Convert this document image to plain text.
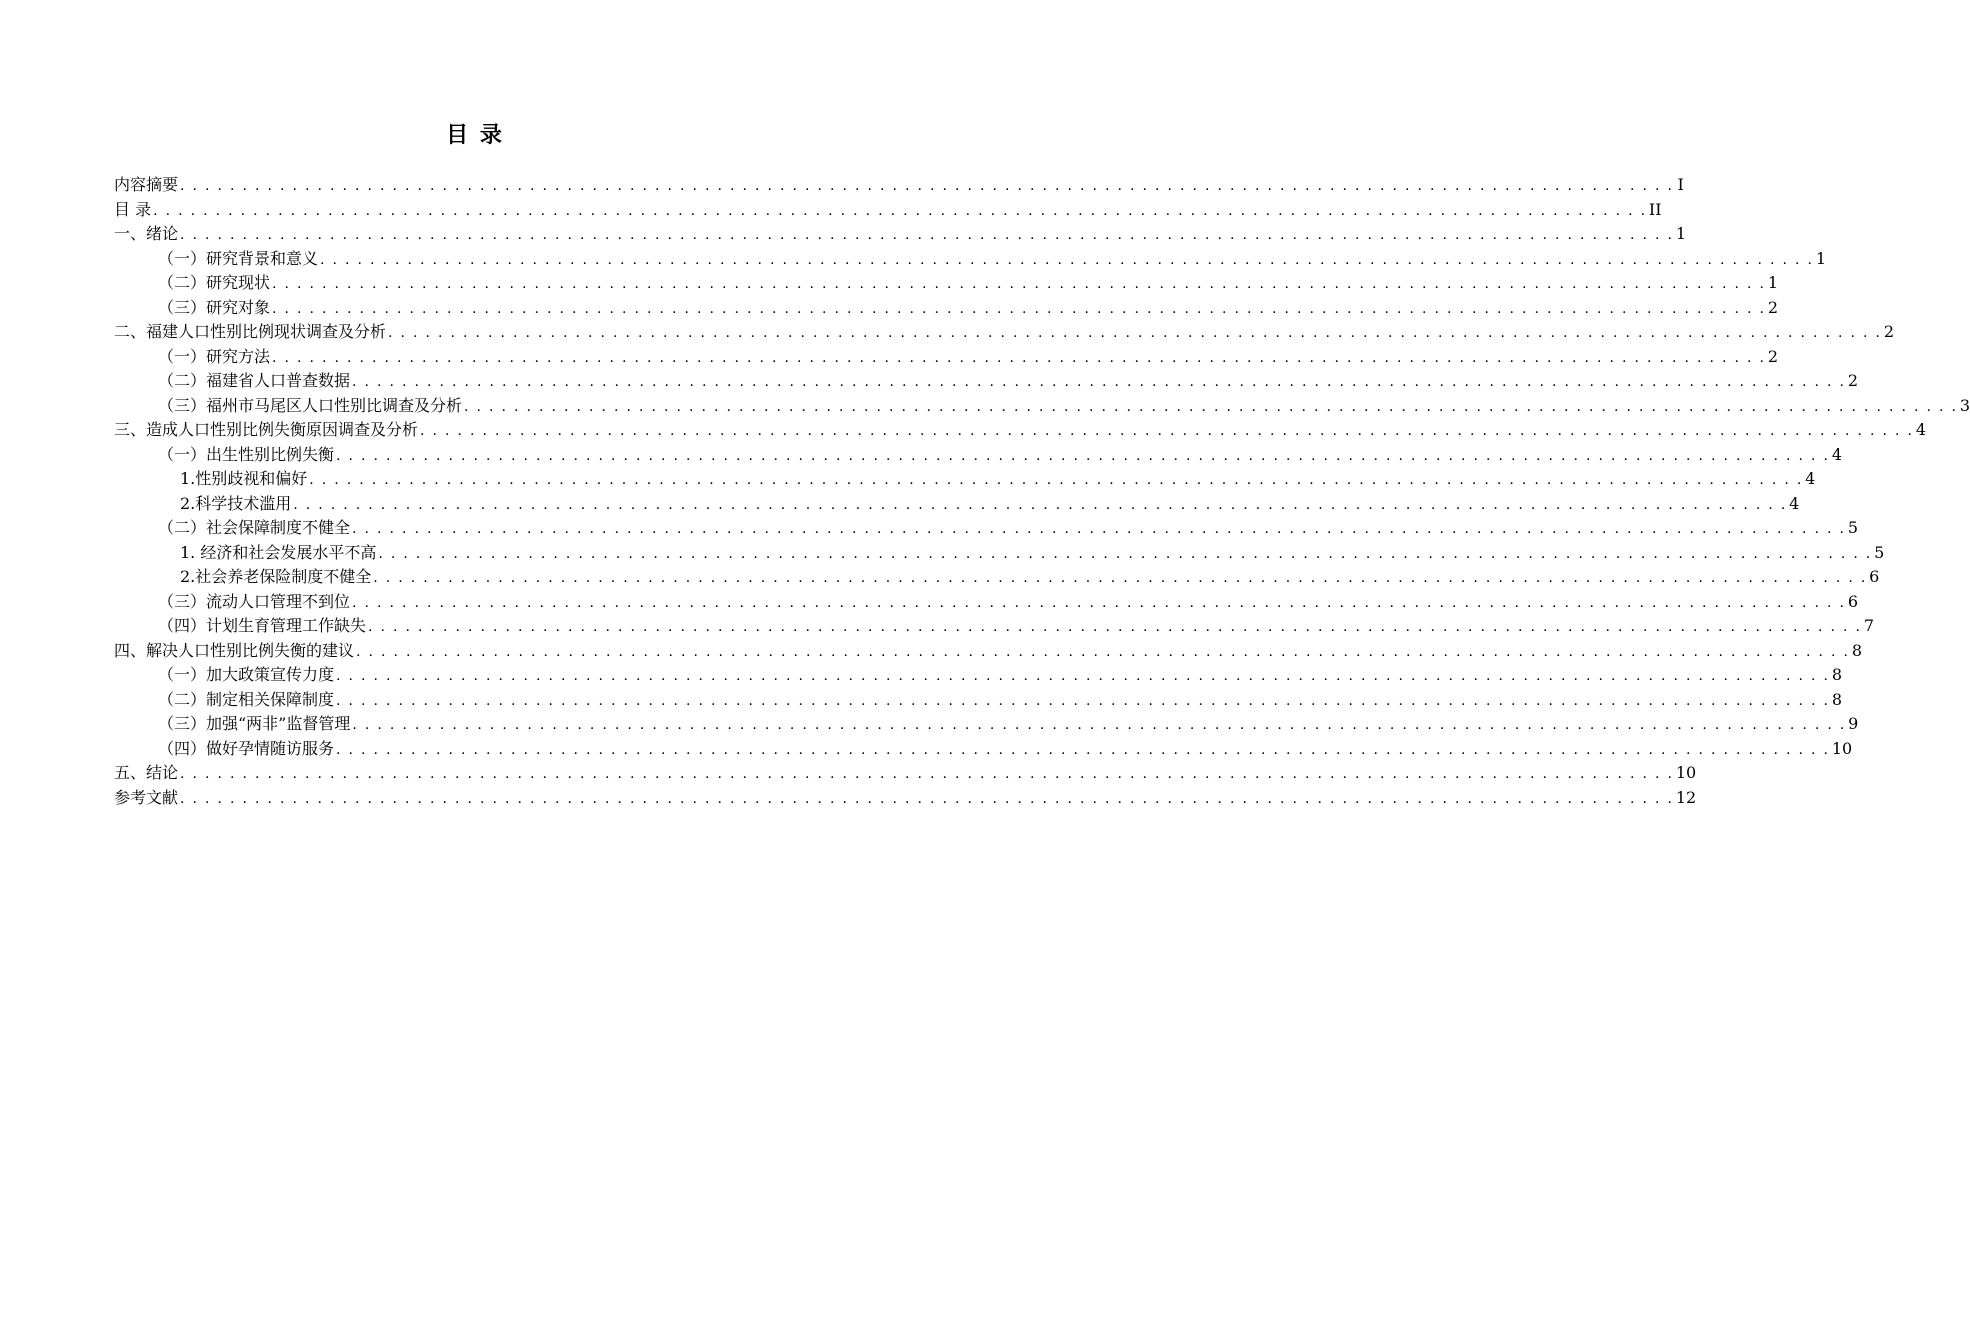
目 录
内容摘要 . . . . . . . . . . . . . . . . . . . . . . . . . . . . . . . . . . . . . . . . . . . . . . . . . . . . . . . . . . . . . . . . . . . . . . . . . . . . . . . . . . . . . . . . . . . . . . . . . . . . . . . . . . . . . . . . . . . . . . . . I
目 录 . . . . . . . . . . . . . . . . . . . . . . . . . . . . . . . . . . . . . . . . . . . . . . . . . . . . . . . . . . . . . . . . . . . . . . . . . . . . . . . . . . . . . . . . . . . . . . . . . . . . . . . . . . . . . . . . . . . . . . . . II
一、绪论 . . . . . . . . . . . . . . . . . . . . . . . . . . . . . . . . . . . . . . . . . . . . . . . . . . . . . . . . . . . . . . . . . . . . . . . . . . . . . . . . . . . . . . . . . . . . . . . . . . . . . . . . . . . . . . . . . . . . . . . . 1
（一）研究背景和意义 . . . . . . . . . . . . . . . . . . . . . . . . . . . . . . . . . . . . . . . . . . . . . . . . . . . . . . . . . . . . . . . . . . . . . . . . . . . . . . . . . . . . . . . . . . . . . . . . . . . . . . . . . . . . . . . . . . . . . . . . 1
（二）研究现状 . . . . . . . . . . . . . . . . . . . . . . . . . . . . . . . . . . . . . . . . . . . . . . . . . . . . . . . . . . . . . . . . . . . . . . . . . . . . . . . . . . . . . . . . . . . . . . . . . . . . . . . . . . . . . . . . . . . . . . . . 1
（三）研究对象 . . . . . . . . . . . . . . . . . . . . . . . . . . . . . . . . . . . . . . . . . . . . . . . . . . . . . . . . . . . . . . . . . . . . . . . . . . . . . . . . . . . . . . . . . . . . . . . . . . . . . . . . . . . . . . . . . . . . . . . . 2
二、福建人口性别比例现状调查及分析 . . . . . . . . . . . . . . . . . . . . . . . . . . . . . . . . . . . . . . . . . . . . . . . . . . . . . . . . . . . . . . . . . . . . . . . . . . . . . . . . . . . . . . . . . . . . . . . . . . . . . . . . . . . . . . . . . . . . . . . . 2
（一）研究方法 . . . . . . . . . . . . . . . . . . . . . . . . . . . . . . . . . . . . . . . . . . . . . . . . . . . . . . . . . . . . . . . . . . . . . . . . . . . . . . . . . . . . . . . . . . . . . . . . . . . . . . . . . . . . . . . . . . . . . . . . 2
（二）福建省人口普查数据 . . . . . . . . . . . . . . . . . . . . . . . . . . . . . . . . . . . . . . . . . . . . . . . . . . . . . . . . . . . . . . . . . . . . . . . . . . . . . . . . . . . . . . . . . . . . . . . . . . . . . . . . . . . . . . . . . . . . . . . . 2
（三）福州市马尾区人口性别比调查及分析 . . . . . . . . . . . . . . . . . . . . . . . . . . . . . . . . . . . . . . . . . . . . . . . . . . . . . . . . . . . . . . . . . . . . . . . . . . . . . . . . . . . . . . . . . . . . . . . . . . . . . . . . . . . . . . . . . . . . . . . . 3
三、造成人口性别比例失衡原因调查及分析 . . . . . . . . . . . . . . . . . . . . . . . . . . . . . . . . . . . . . . . . . . . . . . . . . . . . . . . . . . . . . . . . . . . . . . . . . . . . . . . . . . . . . . . . . . . . . . . . . . . . . . . . . . . . . . . . . . . . . . . . 4
（一）出生性别比例失衡 . . . . . . . . . . . . . . . . . . . . . . . . . . . . . . . . . . . . . . . . . . . . . . . . . . . . . . . . . . . . . . . . . . . . . . . . . . . . . . . . . . . . . . . . . . . . . . . . . . . . . . . . . . . . . . . . . . . . . . . . 4
1.性别歧视和偏好 . . . . . . . . . . . . . . . . . . . . . . . . . . . . . . . . . . . . . . . . . . . . . . . . . . . . . . . . . . . . . . . . . . . . . . . . . . . . . . . . . . . . . . . . . . . . . . . . . . . . . . . . . . . . . . . . . . . . . . . . 4
2.科学技术滥用 . . . . . . . . . . . . . . . . . . . . . . . . . . . . . . . . . . . . . . . . . . . . . . . . . . . . . . . . . . . . . . . . . . . . . . . . . . . . . . . . . . . . . . . . . . . . . . . . . . . . . . . . . . . . . . . . . . . . . . . . 4
（二）社会保障制度不健全 . . . . . . . . . . . . . . . . . . . . . . . . . . . . . . . . . . . . . . . . . . . . . . . . . . . . . . . . . . . . . . . . . . . . . . . . . . . . . . . . . . . . . . . . . . . . . . . . . . . . . . . . . . . . . . . . . . . . . . . . 5
1. 经济和社会发展水平不高 . . . . . . . . . . . . . . . . . . . . . . . . . . . . . . . . . . . . . . . . . . . . . . . . . . . . . . . . . . . . . . . . . . . . . . . . . . . . . . . . . . . . . . . . . . . . . . . . . . . . . . . . . . . . . . . . . . . . . . . . 5
2.社会养老保险制度不健全 . . . . . . . . . . . . . . . . . . . . . . . . . . . . . . . . . . . . . . . . . . . . . . . . . . . . . . . . . . . . . . . . . . . . . . . . . . . . . . . . . . . . . . . . . . . . . . . . . . . . . . . . . . . . . . . . . . . . . . . . 6
（三）流动人口管理不到位 . . . . . . . . . . . . . . . . . . . . . . . . . . . . . . . . . . . . . . . . . . . . . . . . . . . . . . . . . . . . . . . . . . . . . . . . . . . . . . . . . . . . . . . . . . . . . . . . . . . . . . . . . . . . . . . . . . . . . . . . 6
（四）计划生育管理工作缺失 . . . . . . . . . . . . . . . . . . . . . . . . . . . . . . . . . . . . . . . . . . . . . . . . . . . . . . . . . . . . . . . . . . . . . . . . . . . . . . . . . . . . . . . . . . . . . . . . . . . . . . . . . . . . . . . . . . . . . . . . 7
四、解决人口性别比例失衡的建议 . . . . . . . . . . . . . . . . . . . . . . . . . . . . . . . . . . . . . . . . . . . . . . . . . . . . . . . . . . . . . . . . . . . . . . . . . . . . . . . . . . . . . . . . . . . . . . . . . . . . . . . . . . . . . . . . . . . . . . . . 8
（一）加大政策宣传力度 . . . . . . . . . . . . . . . . . . . . . . . . . . . . . . . . . . . . . . . . . . . . . . . . . . . . . . . . . . . . . . . . . . . . . . . . . . . . . . . . . . . . . . . . . . . . . . . . . . . . . . . . . . . . . . . . . . . . . . . . 8
（二）制定相关保障制度 . . . . . . . . . . . . . . . . . . . . . . . . . . . . . . . . . . . . . . . . . . . . . . . . . . . . . . . . . . . . . . . . . . . . . . . . . . . . . . . . . . . . . . . . . . . . . . . . . . . . . . . . . . . . . . . . . . . . . . . . 8
（三）加强“两非”监督管理 . . . . . . . . . . . . . . . . . . . . . . . . . . . . . . . . . . . . . . . . . . . . . . . . . . . . . . . . . . . . . . . . . . . . . . . . . . . . . . . . . . . . . . . . . . . . . . . . . . . . . . . . . . . . . . . . . . . . . . . . 9
（四）做好孕情随访服务 . . . . . . . . . . . . . . . . . . . . . . . . . . . . . . . . . . . . . . . . . . . . . . . . . . . . . . . . . . . . . . . . . . . . . . . . . . . . . . . . . . . . . . . . . . . . . . . . . . . . . . . . . . . . . . . . . . . . . . . . 10
五、结论 . . . . . . . . . . . . . . . . . . . . . . . . . . . . . . . . . . . . . . . . . . . . . . . . . . . . . . . . . . . . . . . . . . . . . . . . . . . . . . . . . . . . . . . . . . . . . . . . . . . . . . . . . . . . . . . . . . . . . . . . 10
参考文献 . . . . . . . . . . . . . . . . . . . . . . . . . . . . . . . . . . . . . . . . . . . . . . . . . . . . . . . . . . . . . . . . . . . . . . . . . . . . . . . . . . . . . . . . . . . . . . . . . . . . . . . . . . . . . . . . . . . . . . . . 12
